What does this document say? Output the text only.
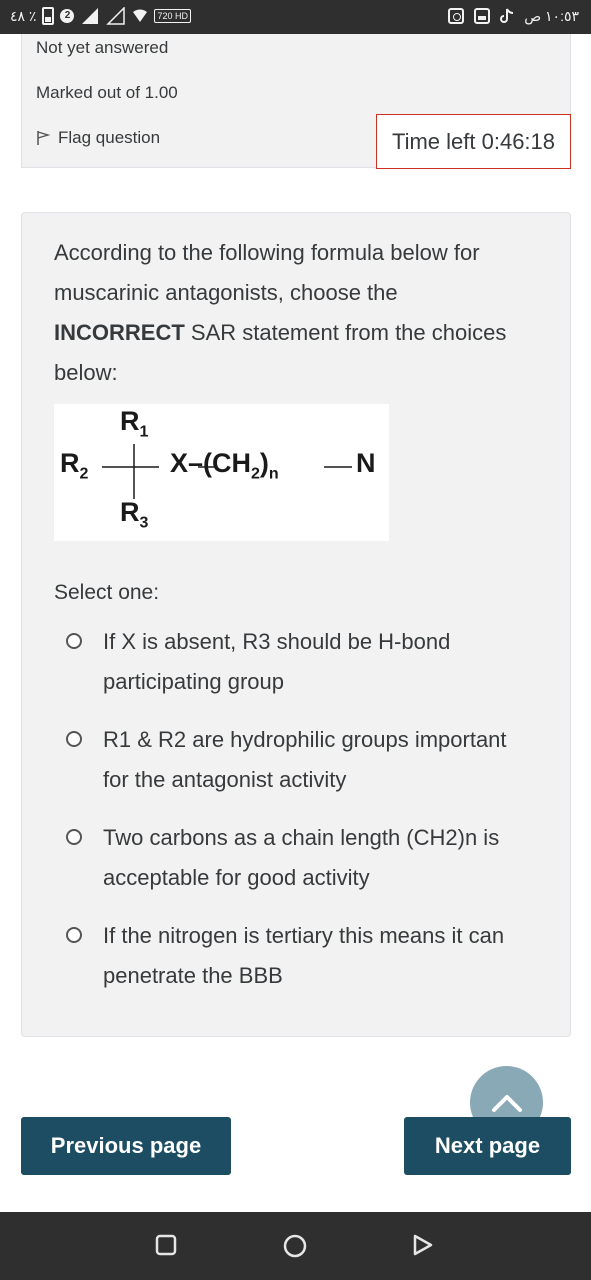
٤٨ ٪	2	720 HD	١٠:٥٣ ص
Not yet answered
Marked out of 1.00
Flag question	Time left 0:46:18
According to the following formula below for muscarinic antagonists, choose the INCORRECT SAR statement from the choices below:
$R_1$
$R_2$
$R_3$
$X-(CH_2)_n$	N
Select one:
If X is absent, R3 should be H-bond participating group
R1 & R2 are hydrophilic groups important for the antagonist activity
Two carbons as a chain length (CH2)n is acceptable for good activity
If the nitrogen is tertiary this means it can penetrate the BBB
Previous page	Next page
